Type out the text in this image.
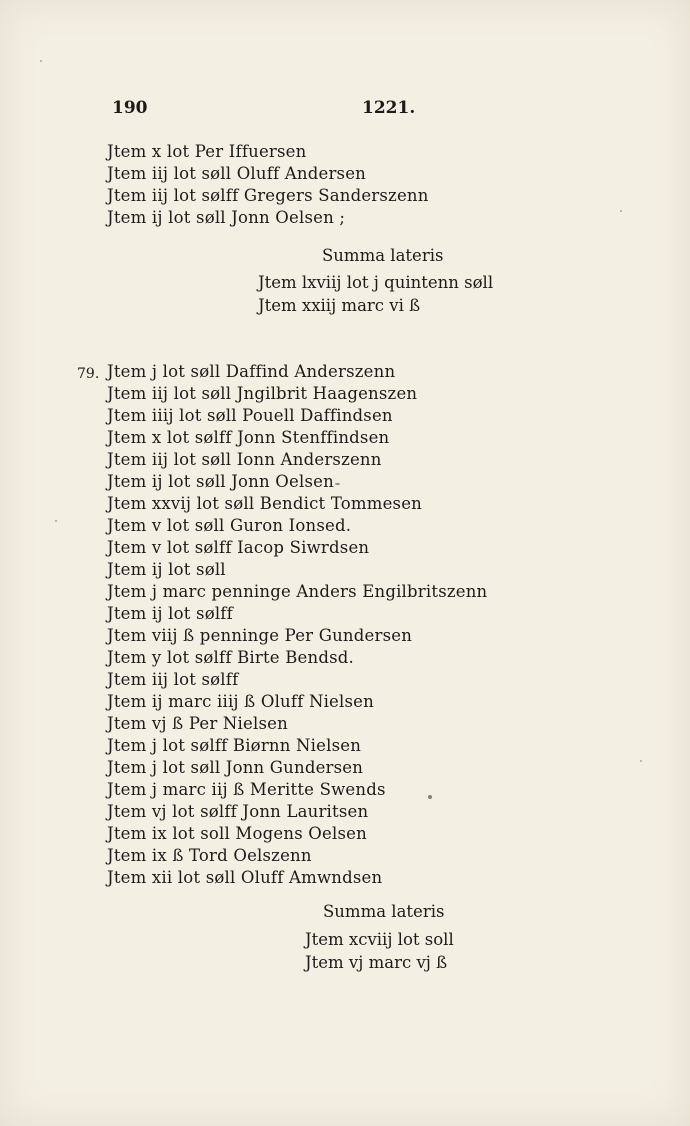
190	1221.
Jtem x lot Per Iffuersen
Jtem iij lot søll Oluff Andersen
Jtem iij lot sølff Gregers Sanderszenn
Jtem ij lot søll Jonn Oelsen ;
Summa lateris
Jtem lxviij lot j quintenn søll
Jtem xxiij marc vi ß
79. Jtem j lot søll Daffind Anderszenn
Jtem iij lot søll Jngilbrit Haagenszen
Jtem iiij lot søll Pouell Daffindsen
Jtem x lot sølff Jonn Stenffindsen
Jtem iij lot søll Ionn Anderszenn
Jtem ij lot søll Jonn Oelsen
Jtem xxvij lot søll Bendict Tommesen
Jtem v lot søll Guron Ionsed.
Jtem v lot sølff Iacop Siwrdsen
Jtem ij lot søll
Jtem j marc penninge Anders Engilbritszenn
Jtem ij lot sølff
Jtem viij ß penninge Per Gundersen
Jtem y lot sølff Birte Bendsd.
Jtem iij lot sølff
Jtem ij marc iiij ß Oluff Nielsen
Jtem vj ß Per Nielsen
Jtem j lot sølff Biørnn Nielsen
Jtem j lot søll Jonn Gundersen
Jtem j marc iij ß Meritte Swends
Jtem vj lot sølff Jonn Lauritsen
Jtem ix lot soll Mogens Oelsen
Jtem ix ß Tord Oelszenn
Jtem xii lot søll Oluff Amwndsen
Summa lateris
Jtem xcviij lot soll
Jtem vj marc vj ß
